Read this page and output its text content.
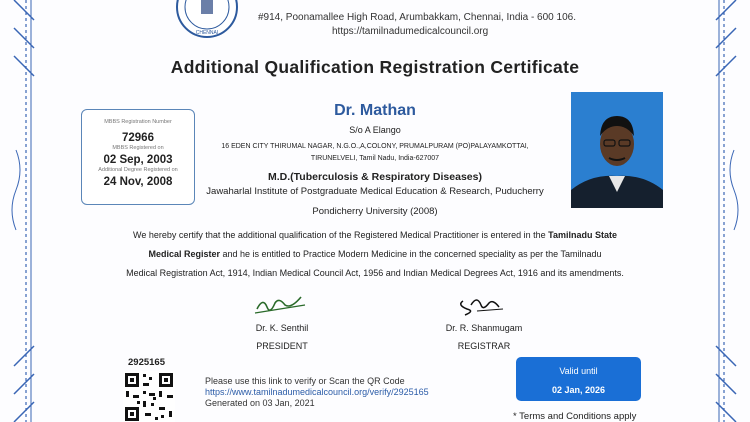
CHENNAI
#914, Poonamallee High Road, Arumbakkam, Chennai, India - 600 106.
https://tamilnadumedicalcouncil.org
Additional Qualification Registration Certificate
MBBS Registration Number
72966
MBBS Registered on
02 Sep, 2003
Additional Degree Registered on
24 Nov, 2008
Dr. Mathan
S/o A Elango
16 EDEN CITY THIRUMAL NAGAR, N.G.O.,A,COLONY, PRUMALPURAM (PO)PALAYAMKOTTAI,
TIRUNELVELI, Tamil Nadu, India-627007
M.D.(Tuberculosis & Respiratory Diseases)
Jawaharlal Institute of Postgraduate Medical Education & Research, Puducherry
Pondicherry University (2008)
We hereby certify that the additional qualification of the Registered Medical Practitioner is entered in the Tamilnadu State
Medical Register and he is entitled to Practice Modern Medicine in the concerned speciality as per the Tamilnadu
Medical Registration Act, 1914, Indian Medical Council Act, 1956 and Indian Medical Degrees Act, 1916 and its amendments.
Dr. K. Senthil
PRESIDENT
Dr. R. Shanmugam
REGISTRAR
2925165
Please use this link to verify or Scan the QR Code
https://www.tamilnadumedicalcouncil.org/verify/2925165
Generated on 03 Jan, 2021
Valid until
02 Jan, 2026
* Terms and Conditions apply
